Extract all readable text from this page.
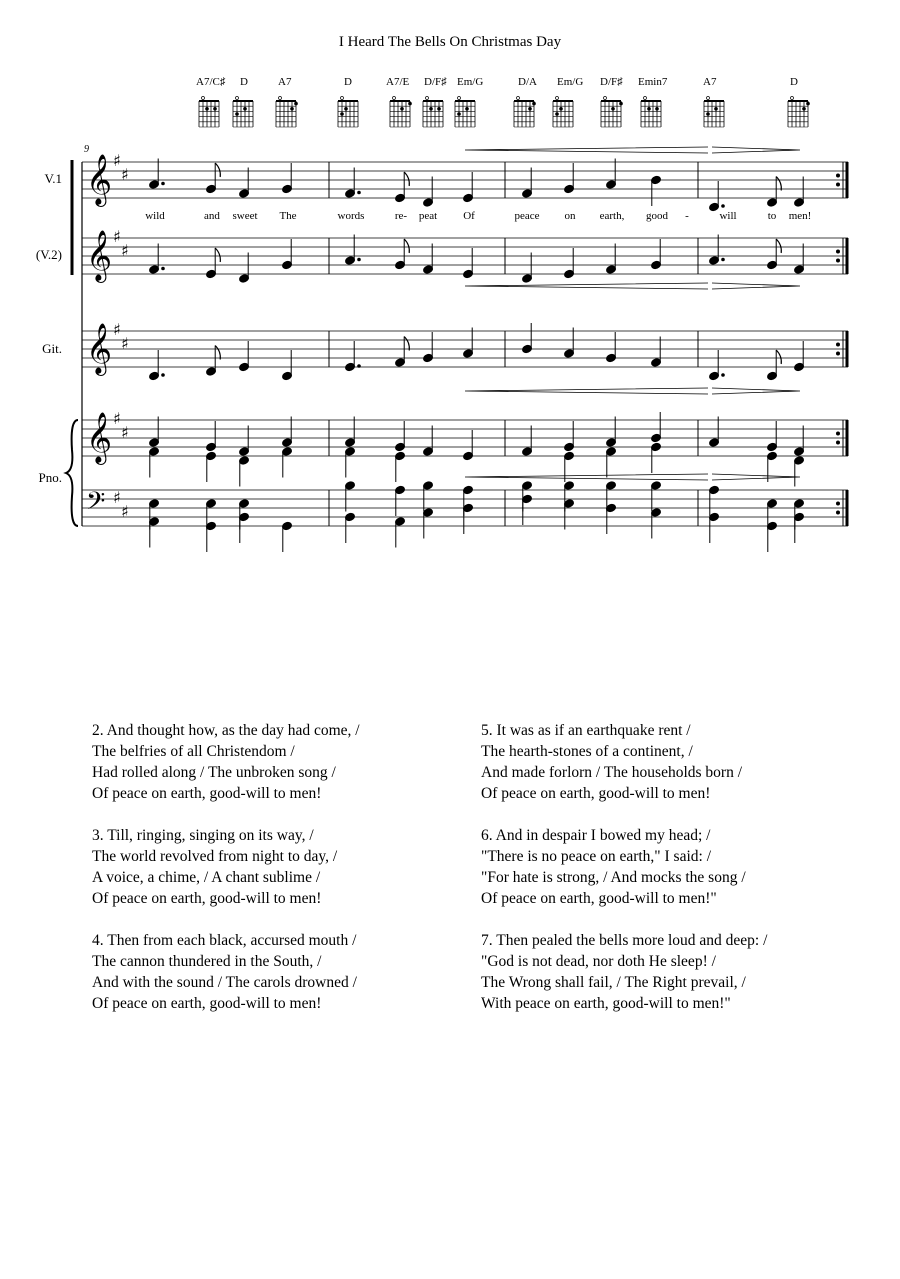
I Heard The Bells On Christmas Day
A7/C♯ D	A7	D	A7/E D/F♯ Em/G	D/A Em/G D/F♯ Emin7	A7	D
9
V.1
(V.2)
Git.
Pno.
wild	and sweet The	words	re- peat Of	peace on earth, good -	will	to men!
𝄞 ♯
♯
𝄞 ♯
♯
𝄞 ♯
♯
𝄞 ♯
♯
𝄢 ♯
♯
2. And thought how, as the day had come, /
The belfries of all Christendom /
Had rolled along / The unbroken song /
Of peace on earth, good-will to men!
3. Till, ringing, singing on its way, /
The world revolved from night to day, /
A voice, a chime, / A chant sublime /
Of peace on earth, good-will to men!
4. Then from each black, accursed mouth /
The cannon thundered in the South, /
And with the sound / The carols drowned /
Of peace on earth, good-will to men!
5. It was as if an earthquake rent /
The hearth-stones of a continent, /
And made forlorn / The households born /
Of peace on earth, good-will to men!
6. And in despair I bowed my head; /
"There is no peace on earth," I said: /
"For hate is strong, / And mocks the song /
Of peace on earth, good-will to men!"
7. Then pealed the bells more loud and deep: /
"God is not dead, nor doth He sleep! /
The Wrong shall fail, / The Right prevail, /
With peace on earth, good-will to men!"
